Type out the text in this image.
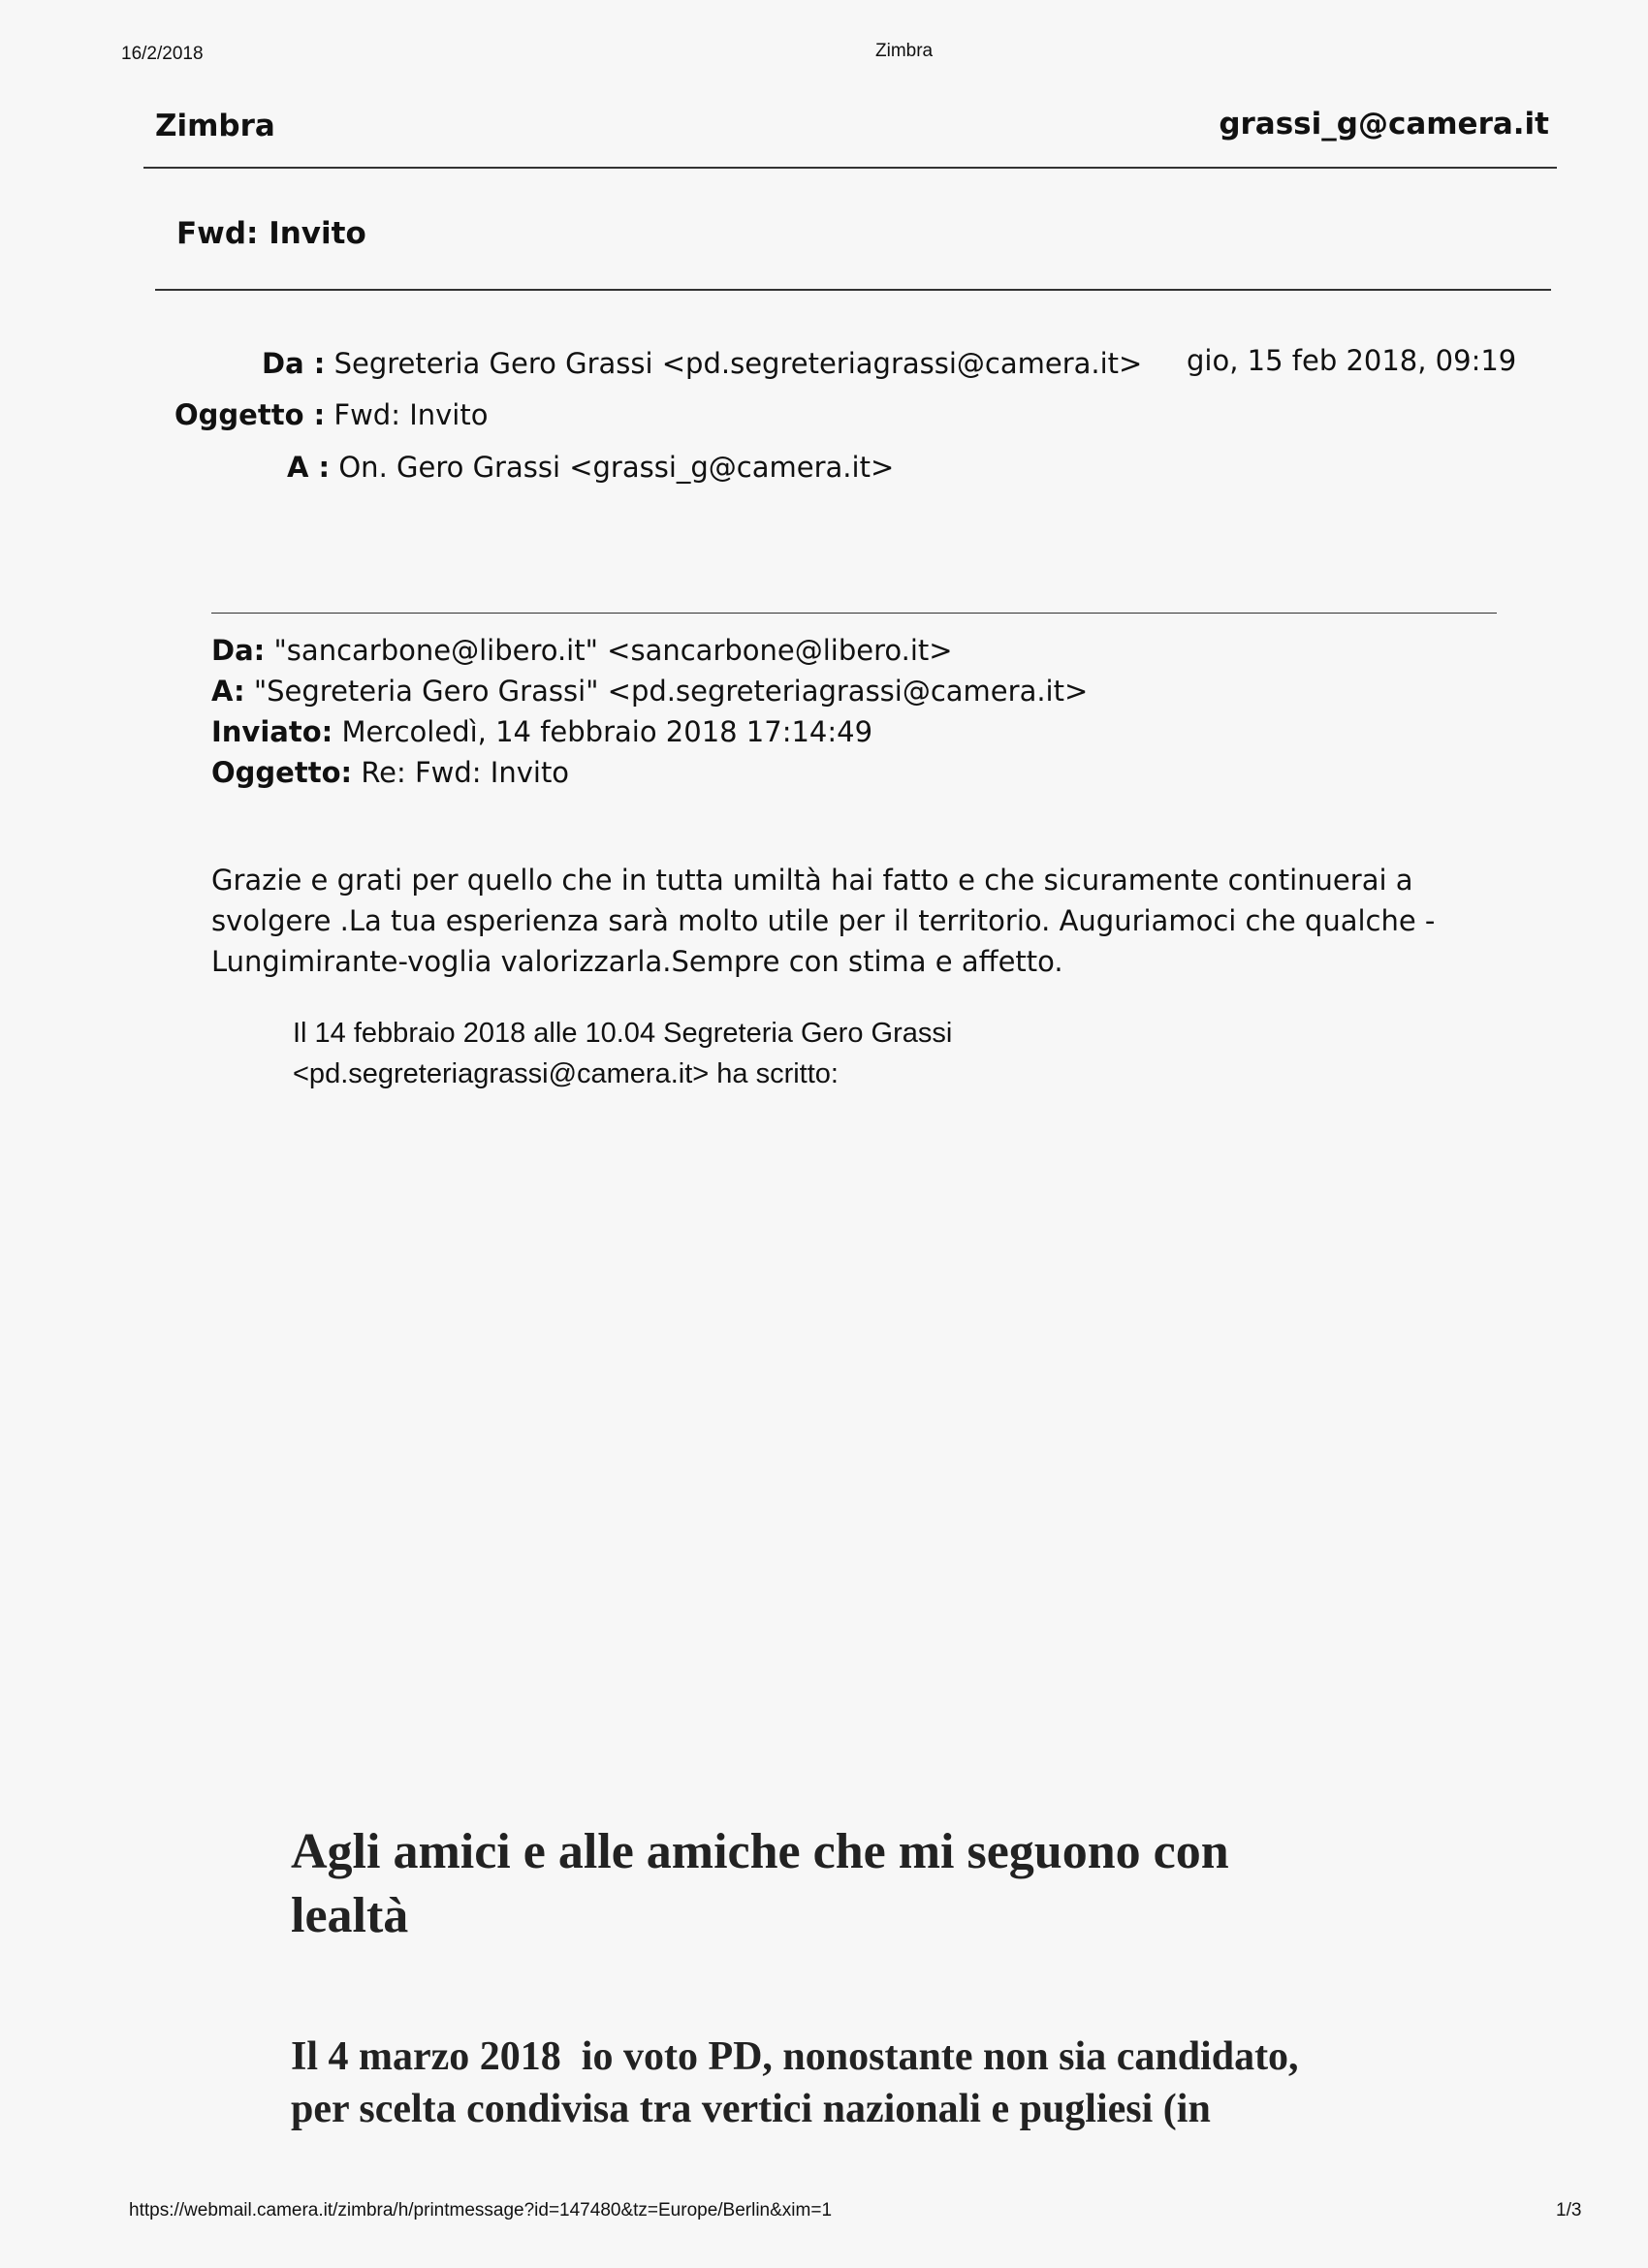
16/2/2018	Zimbra
Zimbra	grassi_g@camera.it
Fwd: Invito
Da : Segreteria Gero Grassi <pd.segreteriagrassi@camera.it> gio, 15 feb 2018, 09:19
Oggetto : Fwd: Invito
A : On. Gero Grassi <grassi_g@camera.it>
Da: "sancarbone@libero.it" <sancarbone@libero.it>
A: "Segreteria Gero Grassi" <pd.segreteriagrassi@camera.it>
Inviato: Mercoledì, 14 febbraio 2018 17:14:49
Oggetto: Re: Fwd: Invito
Grazie e grati per quello che in tutta umiltà hai fatto e che sicuramente continuerai a
svolgere .La tua esperienza sarà molto utile per il territorio. Auguriamoci che qualche -
Lungimirante-voglia valorizzarla.Sempre con stima e affetto.
Il 14 febbraio 2018 alle 10.04 Segreteria Gero Grassi
<pd.segreteriagrassi@camera.it> ha scritto:
Agli amici e alle amiche che mi seguono con
lealtà
Il 4 marzo 2018  io voto PD, nonostante non sia candidato,
per scelta condivisa tra vertici nazionali e pugliesi (in
https://webmail.camera.it/zimbra/h/printmessage?id=147480&tz=Europe/Berlin&xim=1	1/3
